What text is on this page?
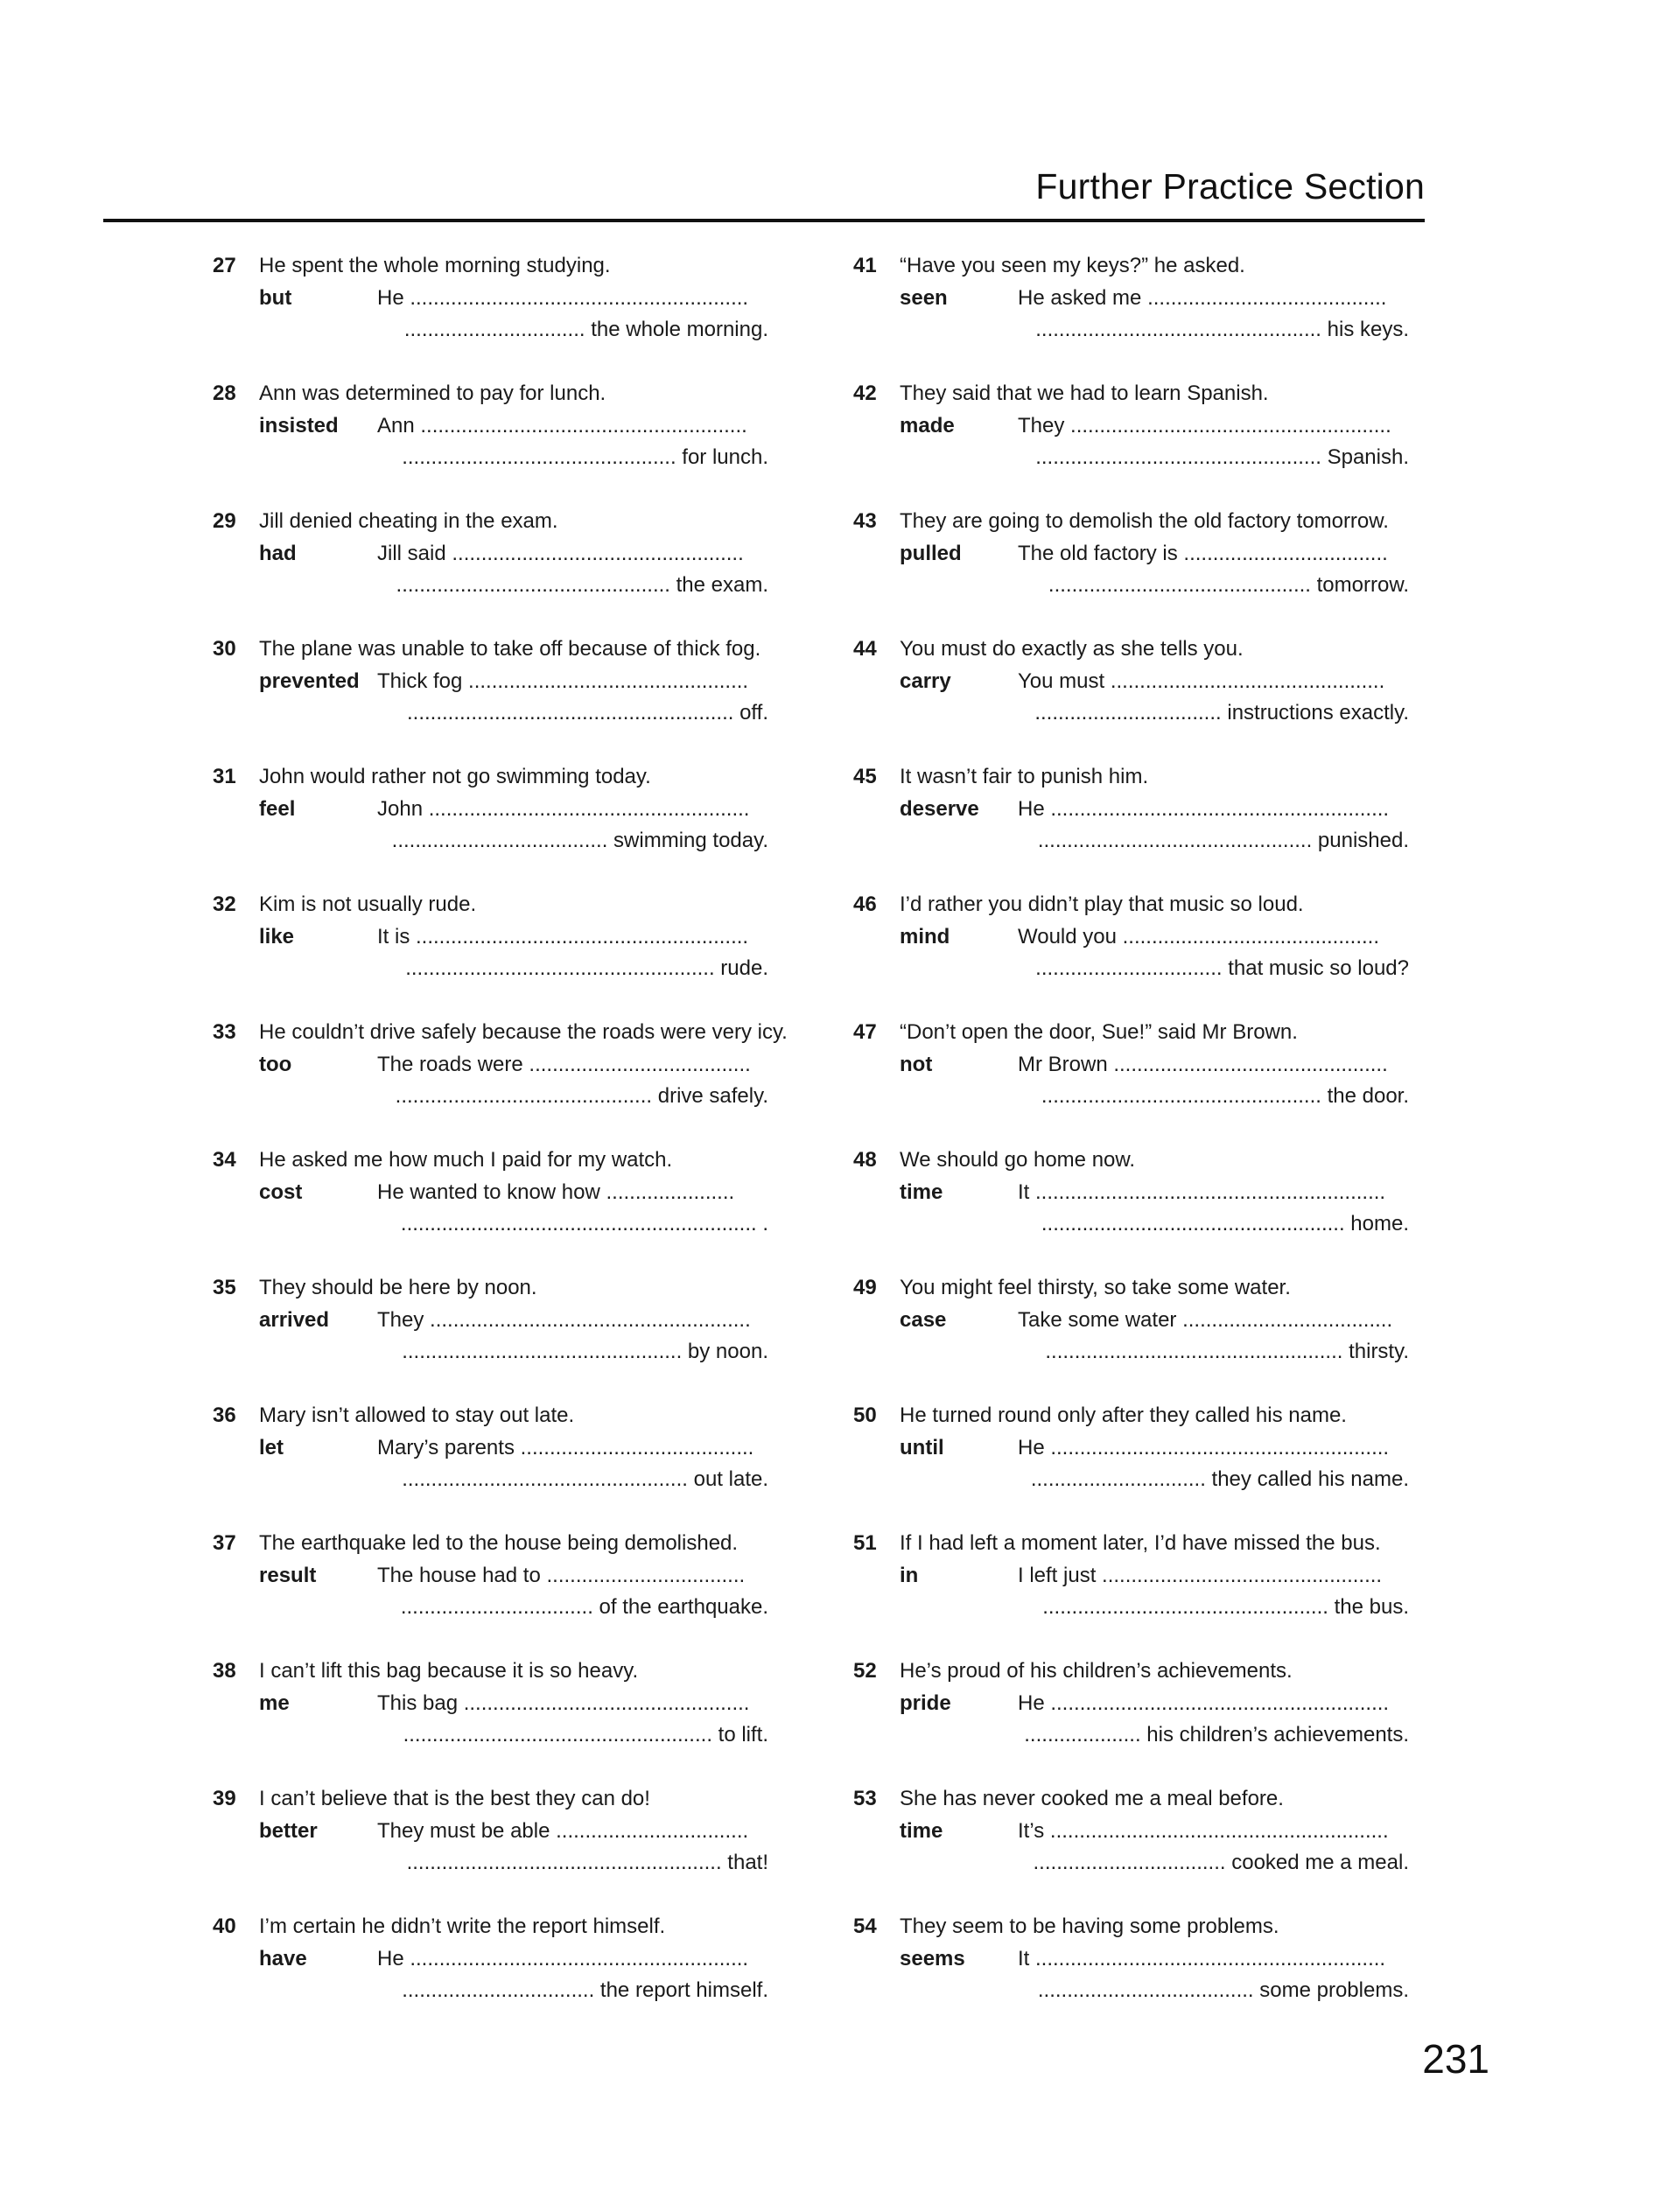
Further Practice Section
27 He spent the whole morning studying.
but	He ..........................................................
............................... the whole morning.
28 Ann was determined to pay for lunch.
insisted Ann ........................................................
............................................... for lunch.
29 Jill denied cheating in the exam.
had	Jill said ..................................................
............................................... the exam.
30 The plane was unable to take off because of thick fog.
prevented Thick fog ................................................
........................................................ off.
31 John would rather not go swimming today.
feel	John .......................................................
..................................... swimming today.
32 Kim is not usually rude.
like	It is .........................................................
..................................................... rude.
33 He couldn’t drive safely because the roads were very icy.
too	The roads were ......................................
............................................ drive safely.
34 He asked me how much I paid for my watch.
cost	He wanted to know how ......................
............................................................. .
35 They should be here by noon.
arrived They .......................................................
................................................ by noon.
36 Mary isn’t allowed to stay out late.
let	Mary’s parents ........................................
................................................. out late.
37 The earthquake led to the house being demolished.
result	The house had to ..................................
................................. of the earthquake.
38 I can’t lift this bag because it is so heavy.
me	This bag .................................................
..................................................... to lift.
39 I can’t believe that is the best they can do!
better	They must be able .................................
...................................................... that!
40 I’m certain he didn’t write the report himself.
have	He ..........................................................
................................. the report himself.
41 “Have you seen my keys?” he asked.
seen	He asked me .........................................
................................................. his keys.
42 They said that we had to learn Spanish.
made	They .......................................................
................................................. Spanish.
43 They are going to demolish the old factory tomorrow.
pulled	The old factory is ...................................
............................................. tomorrow.
44 You must do exactly as she tells you.
carry	You must ...............................................
................................ instructions exactly.
45 It wasn’t fair to punish him.
deserve He ..........................................................
............................................... punished.
46 I’d rather you didn’t play that music so loud.
mind	Would you ............................................
................................ that music so loud?
47 “Don’t open the door, Sue!” said Mr Brown.
not	Mr Brown ...............................................
................................................ the door.
48 We should go home now.
time	It ............................................................
.................................................... home.
49 You might feel thirsty, so take some water.
case	Take some water ....................................
................................................... thirsty.
50 He turned round only after they called his name.
until	He ..........................................................
.............................. they called his name.
51 If I had left a moment later, I’d have missed the bus.
in	I left just ................................................
................................................. the bus.
52 He’s proud of his children’s achievements.
pride	He ..........................................................
.................... his children’s achievements.
53 She has never cooked me a meal before.
time	It’s ..........................................................
................................. cooked me a meal.
54 They seem to be having some problems.
seems	It ............................................................
..................................... some problems.
231
